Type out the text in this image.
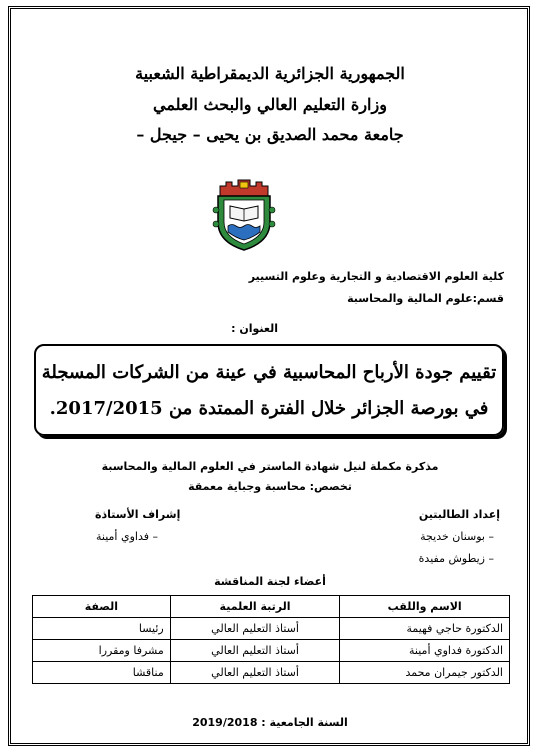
الجمهورية الجزائرية الديمقراطية الشعبية
وزارة التعليم العالي والبحث العلمي
جامعة محمد الصديق بن يحيى – جيجل –
كلية العلوم الاقتصادية و التجارية وعلوم التسيير
قسم:علوم المالية والمحاسبة
العنوان :
تقييم جودة الأرباح المحاسبية في عينة من الشركات المسجلة
في بورصة الجزائر خلال الفترة الممتدة من 2017/2015.
مذكرة مكملة لنيل شهادة الماستر في العلوم المالية والمحاسبة
تخصص: محاسبة وجباية معمقة
إعداد الطالبتين
– بوسنان خديجة
– زيطوش مفيدة
إشراف الأستاذة
– فداوي أمينة
أعضاء لجنة المناقشة
الاسم واللقب	الرتبة العلمية	الصفة
الدكتورة حاجي فهيمة	أستاذ التعليم العالي	رئيسا
الدكتورة فداوي أمينة	أستاذ التعليم العالي	مشرفا ومقررا
الدكتور جيمران محمد	أستاذ التعليم العالي	مناقشا
السنة الجامعية : 2019/2018
